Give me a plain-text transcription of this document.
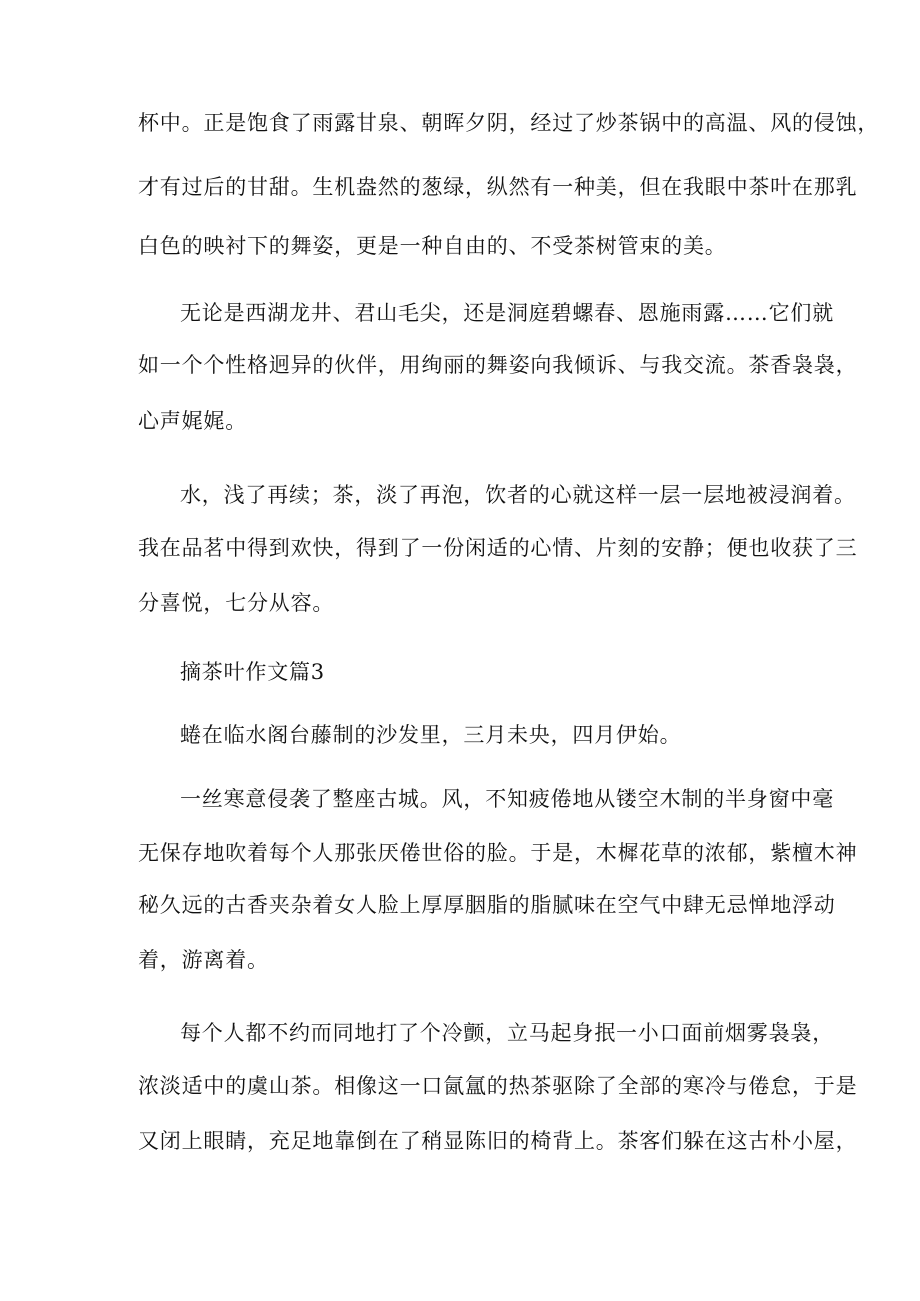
杯中。正是饱食了雨露甘泉、朝晖夕阴，经过了炒茶锅中的高温、风的侵蚀，
才有过后的甘甜。生机盎然的葱绿，纵然有一种美，但在我眼中茶叶在那乳
白色的映衬下的舞姿，更是一种自由的、不受茶树管束的美。
无论是西湖龙井、君山毛尖，还是洞庭碧螺春、恩施雨露……它们就
如一个个性格迥异的伙伴，用绚丽的舞姿向我倾诉、与我交流。茶香袅袅，
心声娓娓。
水，浅了再续；茶，淡了再泡，饮者的心就这样一层一层地被浸润着。
我在品茗中得到欢快，得到了一份闲适的心情、片刻的安静；便也收获了三
分喜悦，七分从容。
摘茶叶作文篇3
蜷在临水阁台藤制的沙发里，三月未央，四月伊始。
一丝寒意侵袭了整座古城。风，不知疲倦地从镂空木制的半身窗中毫
无保存地吹着每个人那张厌倦世俗的脸。于是，木樨花草的浓郁，紫檀木神
秘久远的古香夹杂着女人脸上厚厚胭脂的脂腻味在空气中肆无忌惮地浮动
着，游离着。
每个人都不约而同地打了个冷颤，立马起身抿一小口面前烟雾袅袅，
浓淡适中的虞山茶。相像这一口氤氲的热茶驱除了全部的寒冷与倦怠，于是
又闭上眼睛，充足地靠倒在了稍显陈旧的椅背上。茶客们躲在这古朴小屋，
